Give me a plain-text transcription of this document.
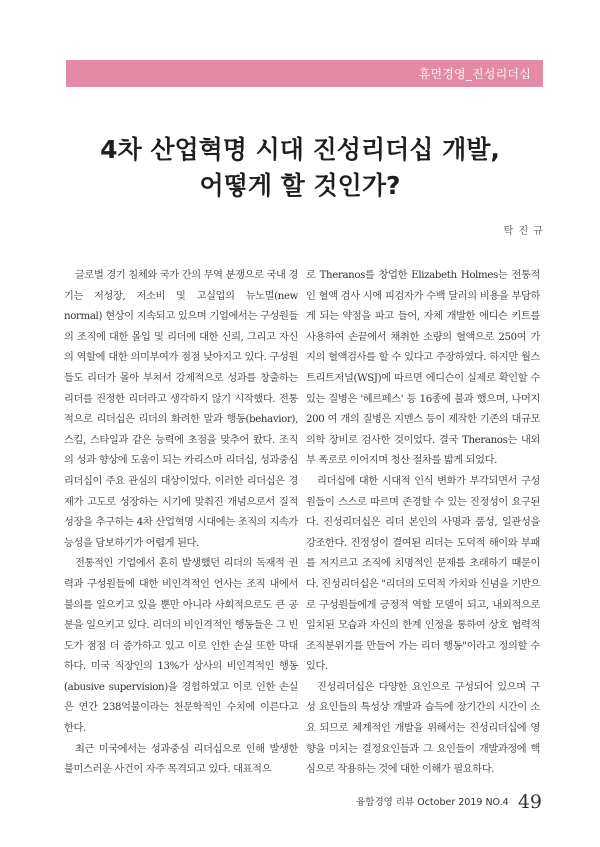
휴먼경영_진성리더십
4차 산업혁명 시대 진성리더십 개발,
어떻게 할 것인가?
탁 진 규

글로벌 경기 침체와 국가 간의 무역 분쟁으로 국내 경기는 저성장, 저소비 및 고실업의 뉴노멀(new normal) 현상이 지속되고 있으며 기업에서는 구성원들의 조직에 대한 몰입 및 리더에 대한 신뢰, 그리고 자신의 역할에 대한 의미부여가 점점 낮아지고 있다. 구성원들도 리더가 몰아 부쳐서 강제적으로 성과를 창출하는 리더를 진정한 리더라고 생각하지 않기 시작했다. 전통적으로 리더십은 리더의 화려한 말과 행동(behavior), 스킬, 스타일과 같은 능력에 초점을 맞추어 왔다. 조직의 성과 향상에 도움이 되는 카리스마 리더십, 성과중심 리더십이 주요 관심의 대상이었다. 이러한 리더십은 경제가 고도로 성장하는 시기에 맞춰진 개념으로서 질적 성장을 추구하는 4차 산업혁명 시대에는 조직의 지속가능성을 담보하기가 어렵게 된다.

전통적인 기업에서 흔히 발생했던 리더의 독재적 권력과 구성원들에 대한 비인격적인 언사는 조직 내에서 불의를 일으키고 있을 뿐만 아니라 사회적으로도 큰 공분을 일으키고 있다. 리더의 비인격적인 행동들은 그 빈도가 점점 더 증가하고 있고 이로 인한 손실 또한 막대하다. 미국 직장인의 13%가 상사의 비인격적인 행동 (abusive supervision)을 경험하였고 이로 인한 손실은 연간 238억불이라는 천문학적인 수치에 이른다고 한다.

최근 미국에서는 성과중심 리더십으로 인해 발생한 불미스러운 사건이 자주 목격되고 있다. 대표적으

로 Theranos를 창업한 Elizabeth Holmes는 전통적인 혈액 검사 시에 피검자가 수백 달러의 비용을 부담하게 되는 약점을 파고 들어, 자체 개발한 에디슨 키트를 사용하여 손끝에서 채취한 소량의 혈액으로 250여 가지의 혈액검사를 할 수 있다고 주장하였다. 하지만 월스트리트저널(WSJ)에 따르면 에디슨이 실제로 확인할 수 있는 질병은 '헤르페스' 등 16종에 불과 했으며, 나머지 200 여 개의 질병은 지멘스 등이 제작한 기존의 대규모 의학 장비로 검사한 것이었다. 결국 Theranos는 내외부 폭로로 이어지며 청산 절차를 밟게 되었다.

리더십에 대한 시대적 인식 변화가 부각되면서 구성원들이 스스로 따르며 존경할 수 있는 진정성이 요구된다. 진성리더십은 리더 본인의 사명과 품성, 일관성을 강조한다. 진정성이 결여된 리더는 도덕적 해이와 부패를 저지르고 조직에 치명적인 문제를 초래하기 때문이다. 진성리더십은 "리더의 도덕적 가치와 신념을 기반으로 구성원들에게 긍정적 역할 모델이 되고, 내외적으로 일치된 모습과 자신의 한계 인정을 통하여 상호 협력적 조직분위기를 만들어 가는 리더 행동"이라고 정의할 수 있다.

진성리더십은 다양한 요인으로 구성되어 있으며 구성 요인들의 특성상 개발과 습득에 장기간의 시간이 소요 되므로 체계적인 개발을 위해서는 진성리더십에 영향을 미치는 결정요인들과 그 요인들이 개발과정에 핵심으로 작용하는 것에 대한 이해가 필요하다.

융합경영 리뷰 October 2019 NO.4 49
